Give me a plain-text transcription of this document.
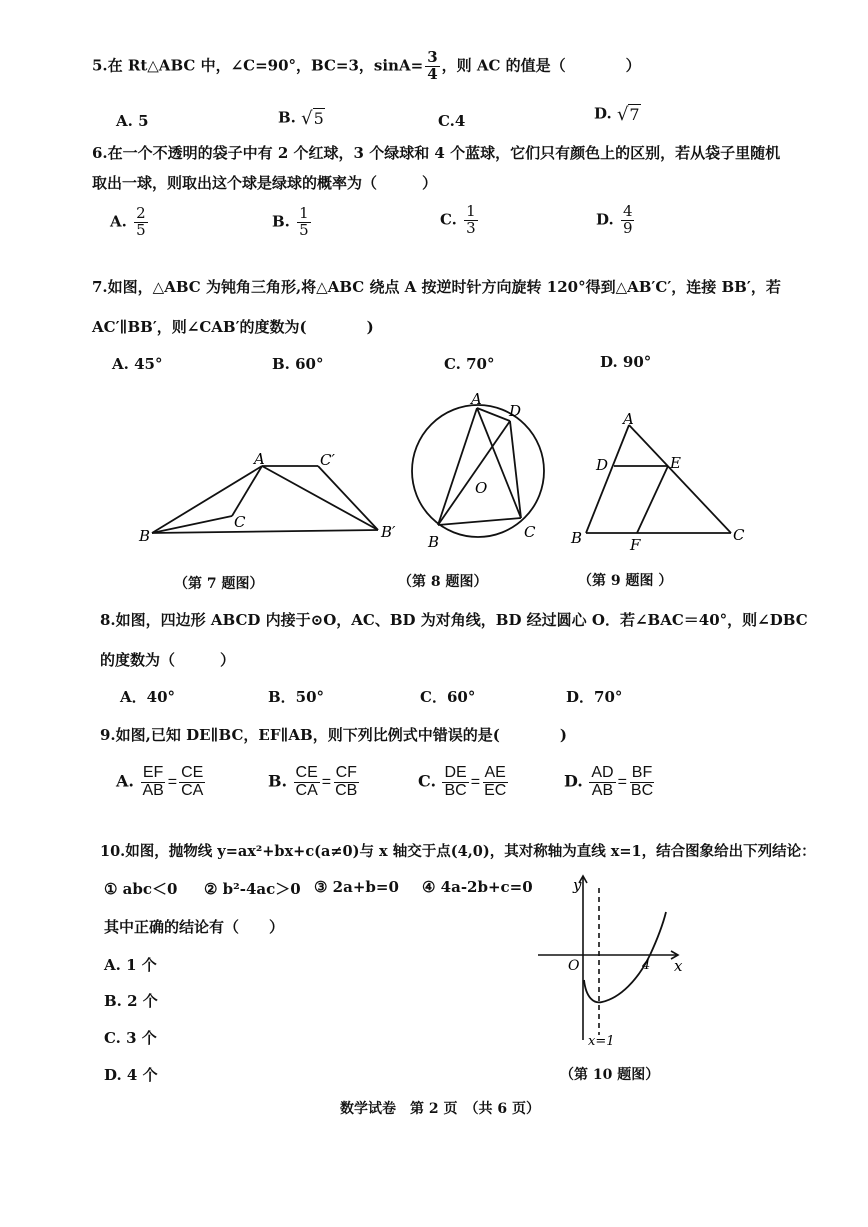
5.在 Rt△ABC 中，∠C=90°，BC=3，$\sin A= \frac{3}{4}$ ，则 AC 的值是（　　　　）
A. 5	B. √5	C.4	D. √7
6.在一个不透明的袋子中有 2 个红球，3 个绿球和 4 个蓝球，它们只有颜色上的区别，若从袋子里随机
取出一球，则取出这个球是绿球的概率为（　　　）
A. $\frac{2}{5}$	B. $\frac{1}{5}$	C. $\frac{1}{3}$	D. $\frac{4}{9}$
7.如图，△ABC 为钝角三角形,将△ABC 绕点 A 按逆时针方向旋转 120°得到△AB′C′，连接 BB′，若
AC′∥BB′，则∠CAB′的度数为(　　　　)
A. 45°	B. 60°	C. 70°	D. 90°
A
B
C
C′
B′
A
D
O
B
C
A
D	E
B	F
C
（第 7 题图）	（第 8 题图）	（第 9 题图 ）
8.如图，四边形 ABCD 内接于⊙O，AC、BD 为对角线，BD 经过圆心 O．若∠BAC＝40°，则∠DBC
的度数为（　　　）
A．40°	B．50°	C．60°	D．70°
9.如图,已知 DE∥BC，EF∥AB，则下列比例式中错误的是(　　　　)
A. $\frac{EF}{AB} = \frac{CE}{CA}$	B. $\frac{CE}{CA} = \frac{CF}{CB}$	C. $\frac{DE}{BC} = \frac{AE}{EC}$	D. $\frac{AD}{AB} = \frac{BF}{BC}$
10.如图，抛物线 y=ax²+bx+c(a≠0)与 x 轴交于点(4,0)，其对称轴为直线 x=1，结合图象给出下列结论：
① abc＜0 ② b²-4ac＞0 ③ 2a+b=0 ④ 4a-2b+c=0
其中正确的结论有（　　）
A. 1 个
B. 2 个
C. 3 个
D. 4 个
y
x
O	4
x=1
（第 10 题图）
数学试卷　第 2 页　（共 6 页）
